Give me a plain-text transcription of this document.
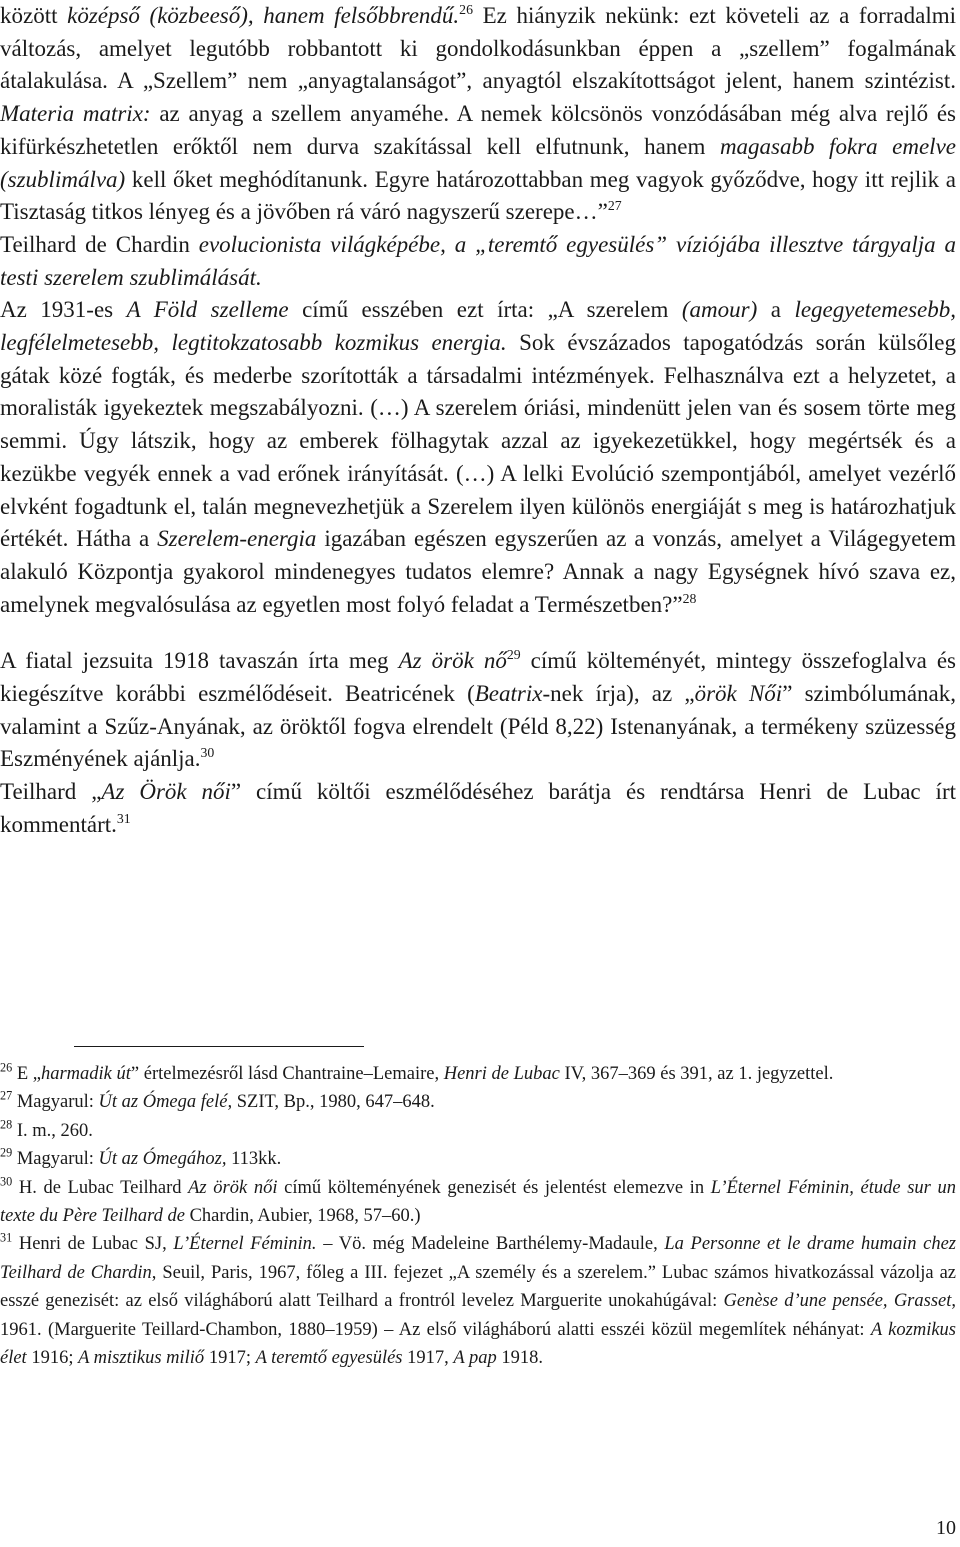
között középső (közbeeső), hanem felsőbbrendű.$^{26}$ Ez hiányzik nekünk: ezt követeli az a forradalmi változás, amelyet legutóbb robbantott ki gondolkodásunkban éppen a „szellem” fogalmának átalakulása. A „Szellem” nem „anyagtalanságot”, anyagtól elszakítottságot jelent, hanem szintézist. Materia matrix: az anyag a szellem anyaméhe. A nemek kölcsönös vonzódásában még alva rejlő és kifürkészhetetlen erőktől nem durva szakítással kell elfutnunk, hanem magasabb fokra emelve (szublimálva) kell őket meghódítanunk. Egyre határozottabban meg vagyok győződve, hogy itt rejlik a Tisztaság titkos lényeg és a jövőben rá váró nagyszerű szerepe…”$^{27}$

Teilhard de Chardin evolucionista világképébe, a „teremtő egyesülés” víziójába illesztve tárgyalja a testi szerelem szublimálását.

Az 1931-es A Föld szelleme című esszében ezt írta: „A szerelem (amour) a legegyetemesebb, legfélelmetesebb, legtitokzatosabb kozmikus energia. Sok évszázados tapogatódzás során külsőleg gátak közé fogták, és mederbe szorították a társadalmi intézmények. Felhasználva ezt a helyzetet, a moralisták igyekeztek megszabályozni. (…) A szerelem óriási, mindenütt jelen van és sosem törte meg semmi. Úgy látszik, hogy az emberek fölhagytak azzal az igyekezetükkel, hogy megértsék és a kezükbe vegyék ennek a vad erőnek irányítását. (…) A lelki Evolúció szempontjából, amelyet vezérlő elvként fogadtunk el, talán megnevezhetjük a Szerelem ilyen különös energiáját s meg is határozhatjuk értékét. Hátha a Szerelem-energia igazában egészen egyszerűen az a vonzás, amelyet a Világegyetem alakuló Központja gyakorol mindenegyes tudatos elemre? Annak a nagy Egységnek hívó szava ez, amelynek megvalósulása az egyetlen most folyó feladat a Természetben?”$^{28}$

A fiatal jezsuita 1918 tavaszán írta meg Az örök $nő^{29}$ című költeményét, mintegy összefoglalva és kiegészítve korábbi eszmélődéseit. Beatricének (Beatrix-nek írja), az „örök Női” szimbólumának, valamint a Szűz-Anyának, az öröktől fogva elrendelt (Péld 8,22) Istenanyának, a termékeny szüzesség Eszményének ajánlja.$^{30}$

Teilhard „Az Örök női” című költői eszmélődéséhez barátja és rendtársa Henri de Lubac írt kommentárt.$^{31}$

$^{26}$ E „harmadik út” értelmezésről lásd Chantraine–Lemaire, Henri de Lubac IV, 367–369 és 391, az 1. jegyzettel.

$^{27}$ Magyarul: Út az Ómega felé, SZIT, Bp., 1980, 647–648.

$^{28}$ I. m., 260.

$^{29}$ Magyarul: Út az Ómegához, 113kk.

$^{30}$ H. de Lubac Teilhard Az örök női című költeményének genezisét és jelentést elemezve in L’Éternel Féminin, étude sur un texte du Père Teilhard de Chardin, Aubier, 1968, 57–60.)

$^{31}$ Henri de Lubac SJ, L’Éternel Féminin. – Vö. még Madeleine Barthélemy-Madaule, La Personne et le drame humain chez Teilhard de Chardin, Seuil, Paris, 1967, főleg a III. fejezet „A személy és a szerelem.” Lubac számos hivatkozással vázolja az esszé genezisét: az első világháború alatt Teilhard a frontról levelez Marguerite unokahúgával: Genèse d’une pensée, Grasset, 1961. (Marguerite Teillard-Chambon, 1880–1959) – Az első világháború alatti esszéi közül megemlítek néhányat: A kozmikus élet 1916; A misztikus miliő 1917; A teremtő egyesülés 1917, A pap 1918.

10
